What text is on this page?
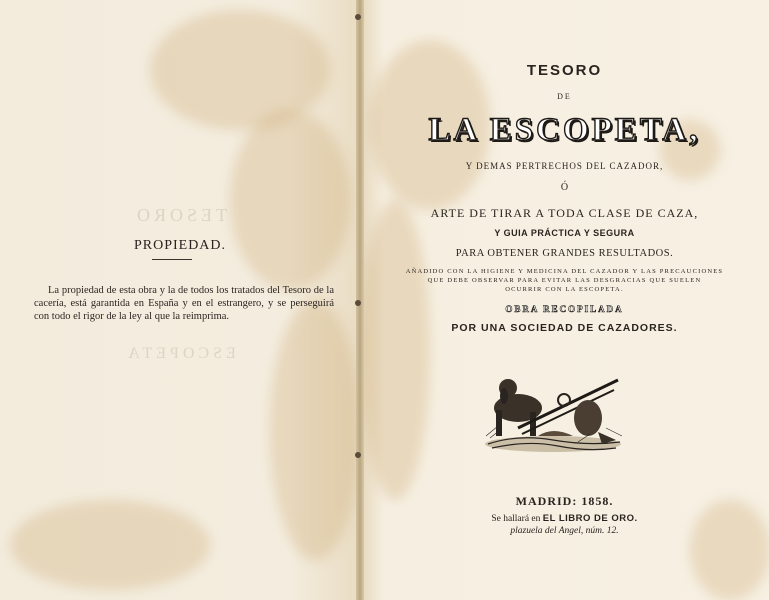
TESORO

ESCOPETA

PROPIEDAD.

La propiedad de esta obra y la de todos los tratados del Tesoro de la cacería, está garantida en España y en el estrangero, y se perseguirá con todo el rigor de la ley al que la reimprima.

TESORO

DE

LA ESCOPETA,

Y DEMAS PERTRECHOS DEL CAZADOR,

Ó

ARTE DE TIRAR A TODA CLASE DE CAZA,

Y GUIA PRÁCTICA Y SEGURA

PARA OBTENER GRANDES RESULTADOS.

AÑADIDO CON LA HIGIENE Y MEDICINA DEL CAZADOR Y LAS PRECAUCIONES

QUE DEBE OBSERVAR PARA EVITAR LAS DESGRACIAS QUE SUELEN

OCURRIR CON LA ESCOPETA.

OBRA RECOPILADA

POR UNA SOCIEDAD DE CAZADORES.

MADRID: 1858.

Se hallará en EL LIBRO DE ORO.

plazuela del Angel, núm. 12.
